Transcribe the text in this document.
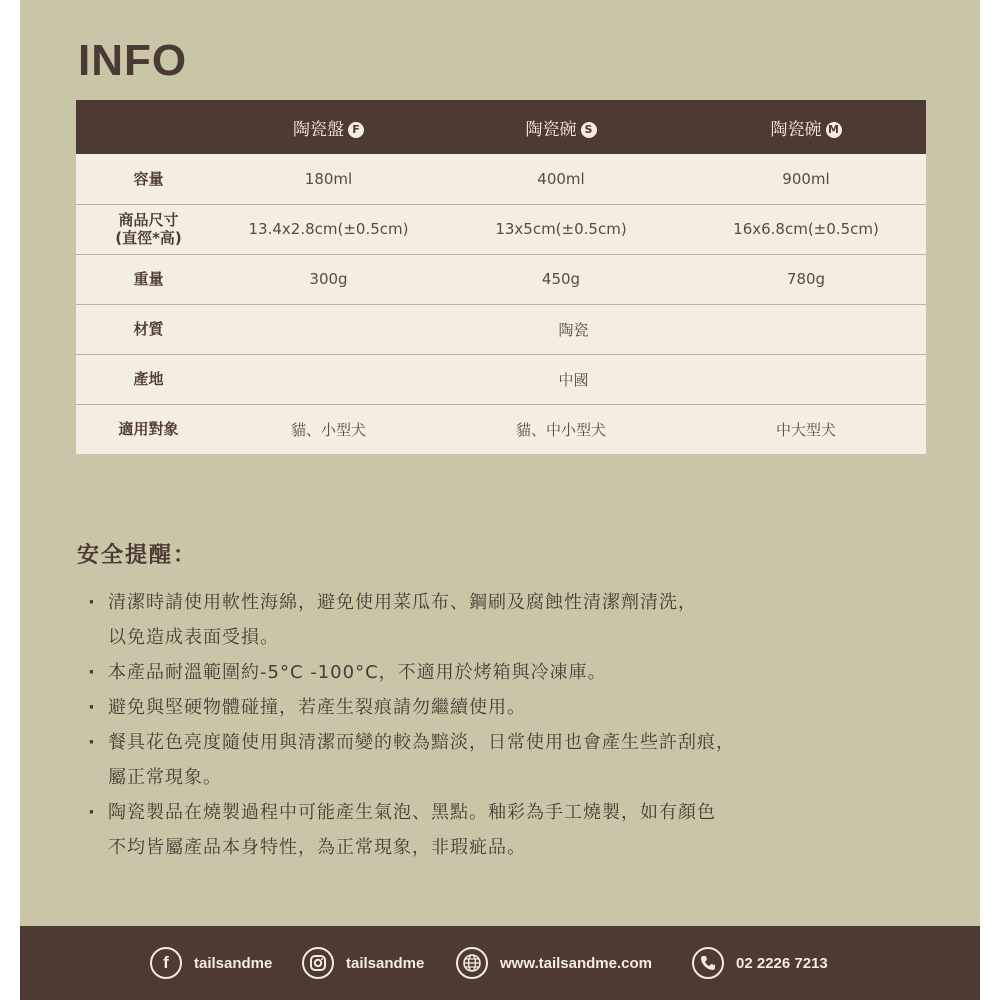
INFO
	陶瓷盤 F	陶瓷碗 S	陶瓷碗 M

容量	180ml	400ml	900ml

商品尺寸
(直徑*高)	13.4x2.8cm(±0.5cm)	13x5cm(±0.5cm)	16x6.8cm(±0.5cm)

重量	300g	450g	780g

材質	陶瓷		

產地	中國		

適用對象	貓、小型犬	貓、中小型犬	中大型犬
安全提醒：
· 清潔時請使用軟性海綿，避免使用菜瓜布、鋼刷及腐蝕性清潔劑清洗，
以免造成表面受損。
· 本產品耐溫範圍約-5°C -100°C，不適用於烤箱與冷凍庫。
· 避免與堅硬物體碰撞，若產生裂痕請勿繼續使用。
· 餐具花色亮度隨使用與清潔而變的較為黯淡，日常使用也會產生些許刮痕，
屬正常現象。
· 陶瓷製品在燒製過程中可能產生氣泡、黑點。釉彩為手工燒製，如有顏色
不均皆屬產品本身特性，為正常現象，非瑕疵品。
f	tailsandme	tailsandme	www.tailsandme.com	02 2226 7213
